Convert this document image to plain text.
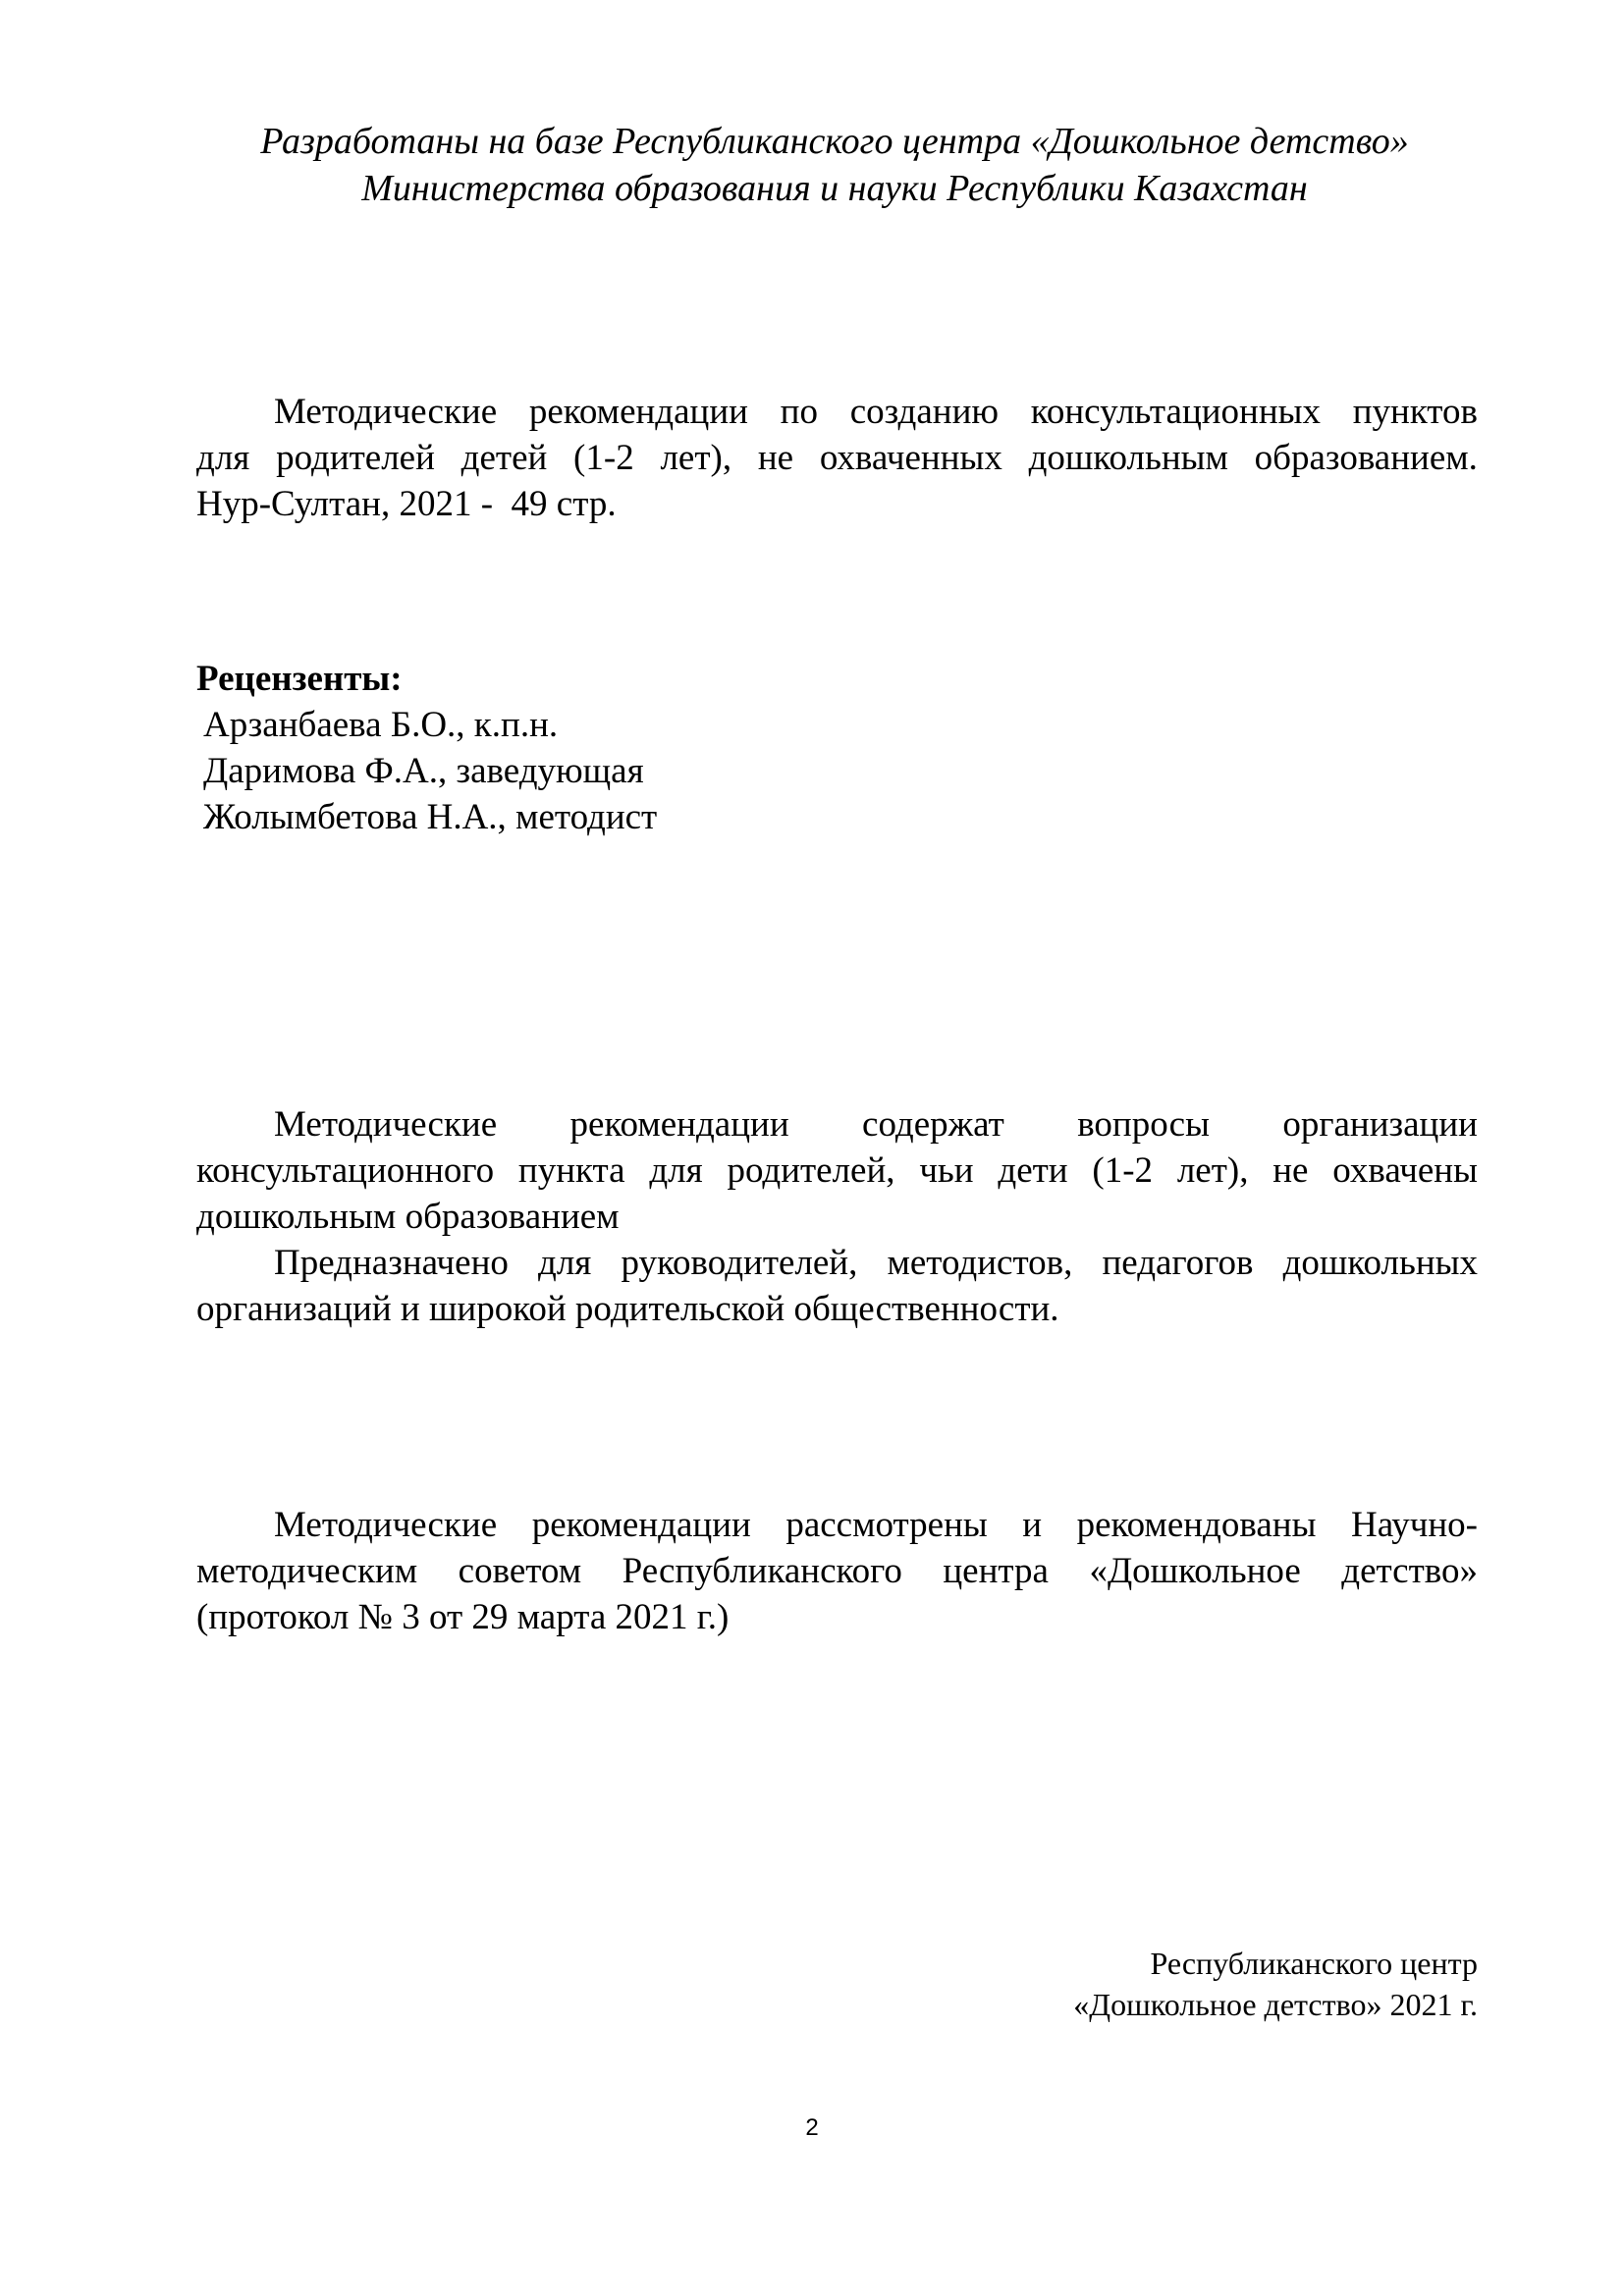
Разработаны на базе Республиканского центра «Дошкольное детство»
Министерства образования и науки Республики Казахстан
Методические рекомендации по созданию консультационных пунктов
для родителей детей (1-2 лет), не охваченных дошкольным образованием.
Нур-Султан, 2021 -  49 стр.
Рецензенты:
Арзанбаева Б.О., к.п.н.
Даримова Ф.А., заведующая
Жолымбетова Н.А., методист
Методические рекомендации содержат вопросы организации
консультационного пункта для родителей, чьи дети (1-2 лет), не охвачены
дошкольным образованием
Предназначено для руководителей, методистов, педагогов дошкольных
организаций и широкой родительской общественности.
Методические рекомендации рассмотрены и рекомендованы Научно-
методическим советом Республиканского центра «Дошкольное детство»
(протокол № 3 от 29 марта 2021 г.)
Республиканского центр
«Дошкольное детство» 2021 г.
2
